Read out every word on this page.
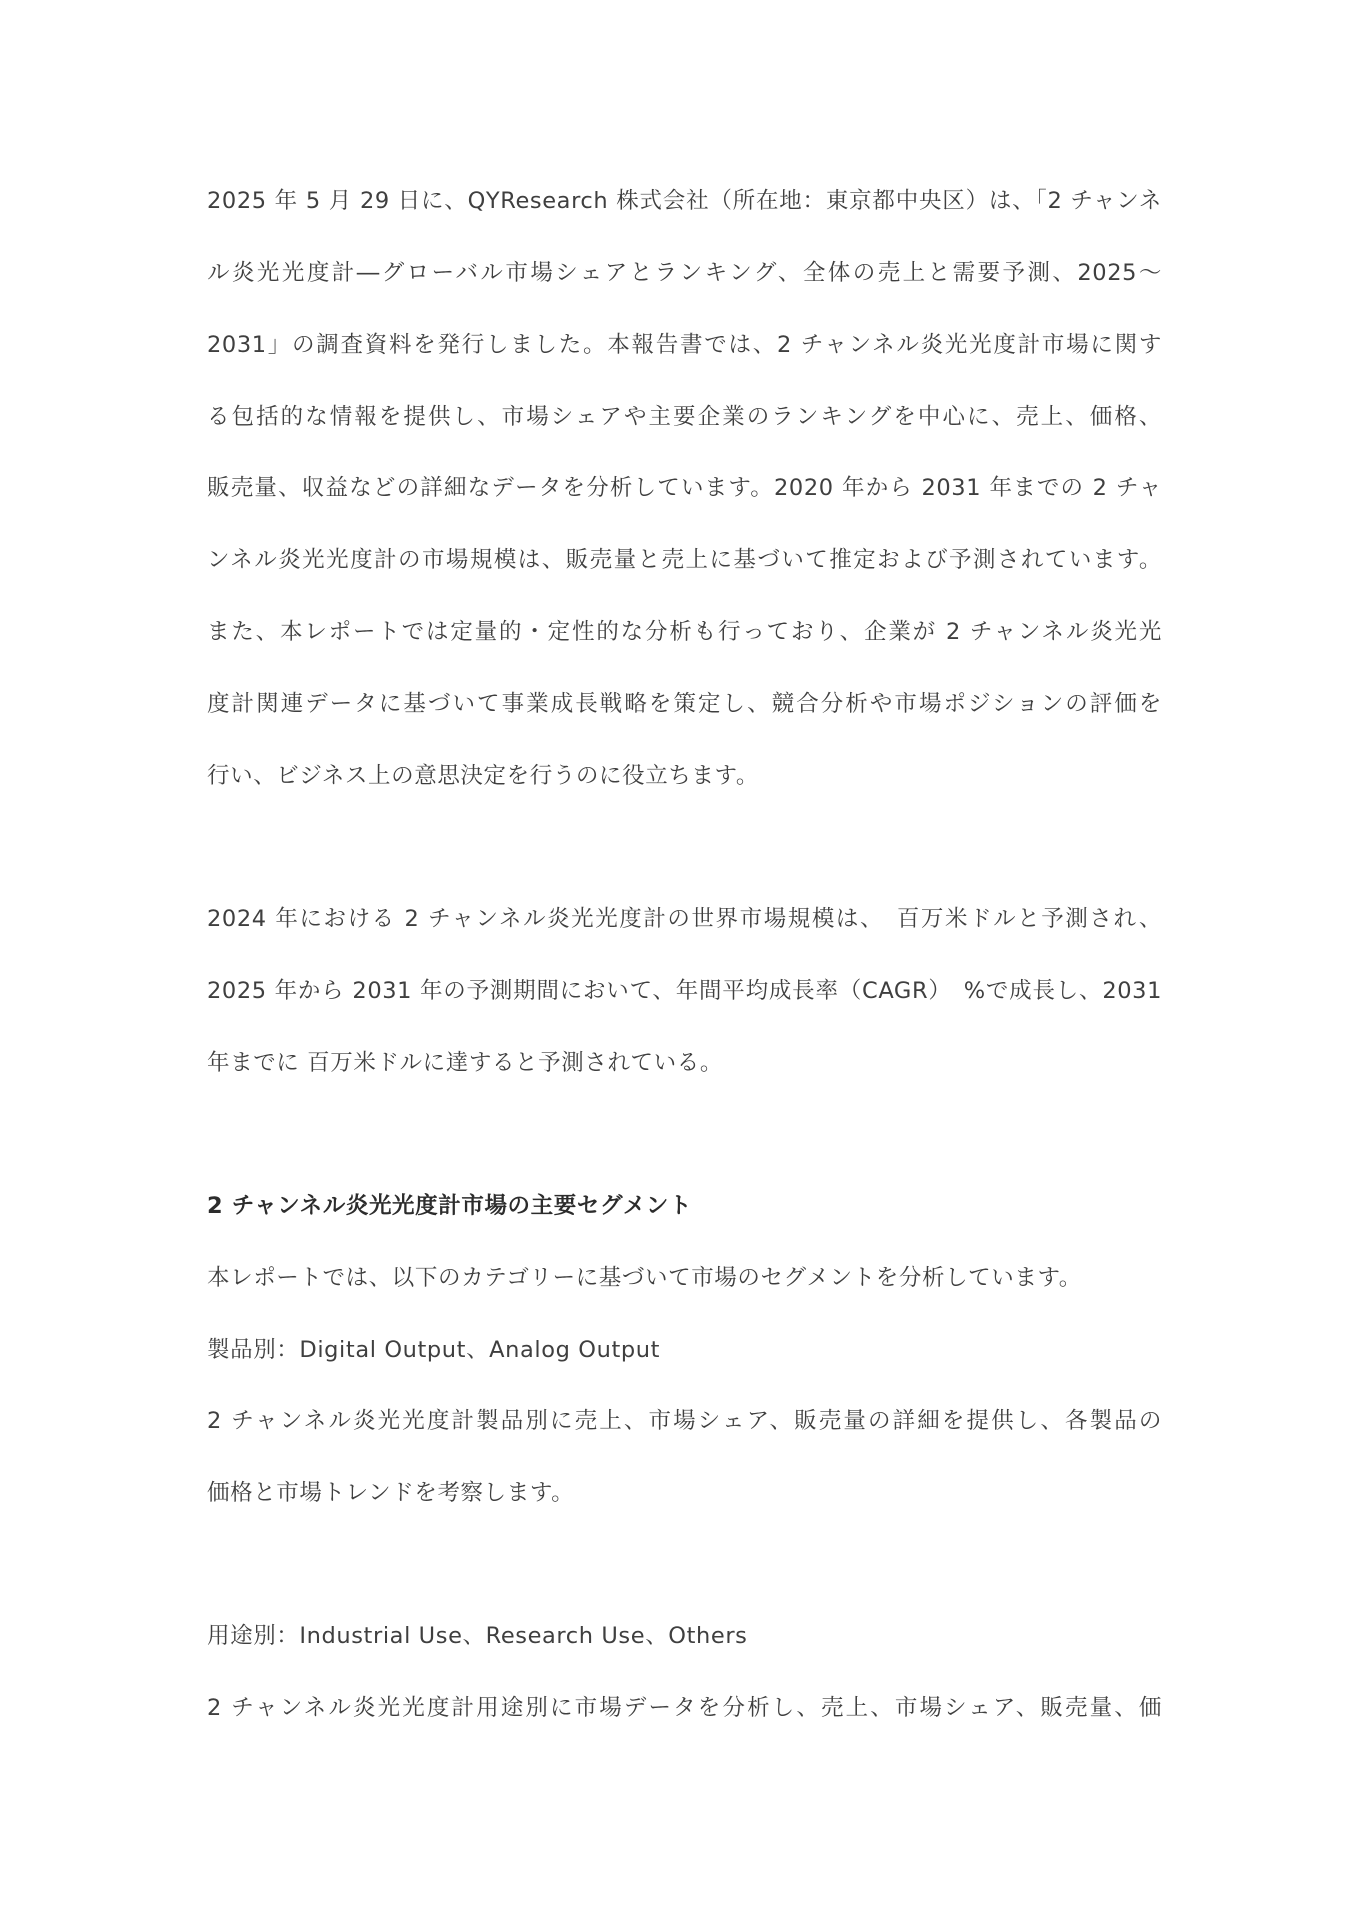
2025 年 5 月 29 日に、QYResearch 株式会社（所在地：東京都中央区）は、「2 チャンネ
ル炎光光度計―グローバル市場シェアとランキング、全体の売上と需要予測、2025～
2031」の調査資料を発行しました。本報告書では、2 チャンネル炎光光度計市場に関す
る包括的な情報を提供し、市場シェアや主要企業のランキングを中心に、売上、価格、
販売量、収益などの詳細なデータを分析しています。2020 年から 2031 年までの 2 チャ
ンネル炎光光度計の市場規模は、販売量と売上に基づいて推定および予測されています。
また、本レポートでは定量的・定性的な分析も行っており、企業が 2 チャンネル炎光光
度計関連データに基づいて事業成長戦略を策定し、競合分析や市場ポジションの評価を
行い、ビジネス上の意思決定を行うのに役立ちます。
2024 年における 2 チャンネル炎光光度計の世界市場規模は、　百万米ドルと予測され、
2025 年から 2031 年の予測期間において、年間平均成長率（CAGR）　%で成長し、2031
年までに 百万米ドルに達すると予測されている。
2 チャンネル炎光光度計市場の主要セグメント
本レポートでは、以下のカテゴリーに基づいて市場のセグメントを分析しています。
製品別：Digital Output、Analog Output
2 チャンネル炎光光度計製品別に売上、市場シェア、販売量の詳細を提供し、各製品の
価格と市場トレンドを考察します。
用途別：Industrial Use、Research Use、Others
2 チャンネル炎光光度計用途別に市場データを分析し、売上、市場シェア、販売量、価
